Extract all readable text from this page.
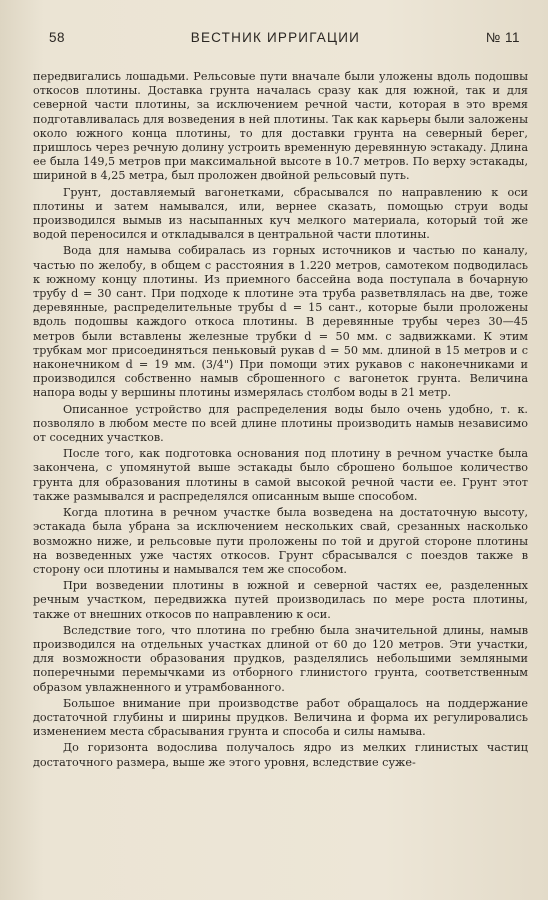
58	ВЕСТНИК ИРРИГАЦИИ	№ 11

передвигались лошадьми. Рельсовые пути вначале были уложены вдоль подошвы откосов плотины. Доставка грунта началась сразу как для южной, так и для северной части плотины, за исключением речной части, которая в это время подготавливалась для возведения в ней плотины. Так как карьеры были заложены около южного конца плотины, то для доставки грунта на северный берег, пришлось через речную долину устроить временную деревянную эстакаду. Длина ее была 149,5 метров при максимальной высоте в 10.7 метров. По верху эстакады, шириной в 4,25 метра, был проложен двойной рельсовый путь.

Грунт, доставляемый вагонетками, сбрасывался по направлению к оси плотины и затем намывался, или, вернее сказать, помощью струи воды производился вымыв из насыпанных куч мелкого материала, который той же водой переносился и откладывался в центральной части плотины.

Вода для намыва собиралась из горных источников и частью по каналу, частью по желобу, в общем с расстояния в 1.220 метров, самотеком подводилась к южному концу плотины. Из приемного бассейна вода поступала в бочарную трубу d = 30 сант. При подходе к плотине эта труба разветвлялась на две, тоже деревянные, распределительные трубы d = 15 сант., которые были проложены вдоль подошвы каждого откоса плотины. В деревянные трубы через 30—45 метров были вставлены железные трубки d = 50 мм. с задвижками. К этим трубкам мог присоединяться пеньковый рукав d = 50 мм. длиной в 15 метров и с наконечником d = 19 мм. (3/4") При помощи этих рукавов с наконечниками и производился собственно намыв сброшенного с вагонеток грунта. Величина напора воды у вершины плотины измерялась столбом воды в 21 метр.

Описанное устройство для распределения воды было очень удобно, т. к. позволяло в любом месте по всей длине плотины производить намыв независимо от соседних участков.

После того, как подготовка основания под плотину в речном участке была закончена, с упомянутой выше эстакады было сброшено большое количество грунта для образования плотины в самой высокой речной части ее. Грунт этот также размывался и распределялся описанным выше способом.

Когда плотина в речном участке была возведена на достаточную высоту, эстакада была убрана за исключением нескольких свай, срезанных насколько возможно ниже, и рельсовые пути проложены по той и другой стороне плотины на возведенных уже частях откосов. Грунт сбрасывался с поездов также в сторону оси плотины и намывался тем же способом.

При возведении плотины в южной и северной частях ее, разделенных речным участком, передвижка путей производилась по мере роста плотины, также от внешних откосов по направлению к оси.

Вследствие того, что плотина по гребню была значительной длины, намыв производился на отдельных участках длиной от 60 до 120 метров. Эти участки, для возможности образования прудков, разделялись небольшими земляными поперечными перемычками из отборного глинистого грунта, соответственным образом увлажненного и утрамбованного.

Большое внимание при производстве работ обращалось на поддержание достаточной глубины и ширины прудков. Величина и форма их регулировались изменением места сбрасывания грунта и способа и силы намыва.

До горизонта водослива получалось ядро из мелких глинистых частиц достаточного размера, выше же этого уровня, вследствие суже-
